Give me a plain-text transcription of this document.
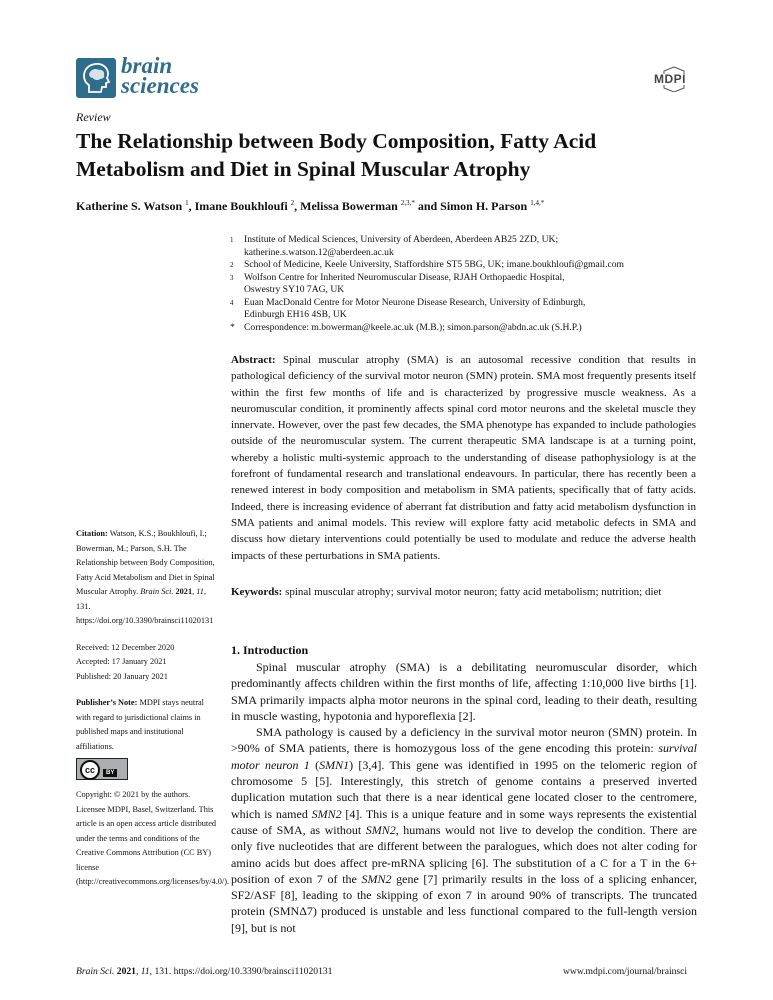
brain
sciences	MDPI
Review
The Relationship between Body Composition, Fatty Acid Metabolism and Diet in Spinal Muscular Atrophy
Katherine S. Watson $^1$, Imane Boukhloufi $^2$, Melissa Bowerman $^{2,3,*}$ and Simon H. Parson $^{1,4,*}$
1 Institute of Medical Sciences, University of Aberdeen, Aberdeen AB25 2ZD, UK;
katherine.s.watson.12@aberdeen.ac.uk
2 School of Medicine, Keele University, Staffordshire ST5 5BG, UK; imane.boukhloufi@gmail.com
3 Wolfson Centre for Inherited Neuromuscular Disease, RJAH Orthopaedic Hospital,
Oswestry SY10 7AG, UK
4 Euan MacDonald Centre for Motor Neurone Disease Research, University of Edinburgh,
Edinburgh EH16 4SB, UK
* Correspondence: m.bowerman@keele.ac.uk (M.B.); simon.parson@abdn.ac.uk (S.H.P.)
Abstract: Spinal muscular atrophy (SMA) is an autosomal recessive condition that results in pathological deficiency of the survival motor neuron (SMN) protein. SMA most frequently presents itself within the first few months of life and is characterized by progressive muscle weakness. As a neuromuscular condition, it prominently affects spinal cord motor neurons and the skeletal muscle they innervate. However, over the past few decades, the SMA phenotype has expanded to include pathologies outside of the neuromuscular system. The current therapeutic SMA landscape is at a turning point, whereby a holistic multi-systemic approach to the understanding of disease pathophysiology is at the forefront of fundamental research and translational endeavours. In particular, there has recently been a renewed interest in body composition and metabolism in SMA patients, specifically that of fatty acids. Indeed, there is increasing evidence of aberrant fat distribution and fatty acid metabolism dysfunction in SMA patients and animal models. This review will explore fatty acid metabolic defects in SMA and discuss how dietary interventions could potentially be used to modulate and reduce the adverse health impacts of these perturbations in SMA patients.
Keywords: spinal muscular atrophy; survival motor neuron; fatty acid metabolism; nutrition; diet

Citation: Watson, K.S.; Boukhloufi, I.; Bowerman, M.; Parson, S.H. The Relationship between Body Composition, Fatty Acid Metabolism and Diet in Spinal Muscular Atrophy. Brain Sci. 2021, 11, 131. https://doi.org/10.3390/brainsci11020131

Received: 12 December 2020

Accepted: 17 January 2021

Published: 20 January 2021

Publisher’s Note: MDPI stays neutral with regard to jurisdictional claims in published maps and institutional affiliations.

cc	BY

Copyright: © 2021 by the authors. Licensee MDPI, Basel, Switzerland. This article is an open access article distributed under the terms and conditions of the Creative Commons Attribution (CC BY) license (http://creativecommons.org/licenses/by/4.0/).

1. Introduction

Spinal muscular atrophy (SMA) is a debilitating neuromuscular disorder, which predominantly affects children within the first months of life, affecting 1:10,000 live births [1]. SMA primarily impacts alpha motor neurons in the spinal cord, leading to their death, resulting in muscle wasting, hypotonia and hyporeflexia [2].

SMA pathology is caused by a deficiency in the survival motor neuron (SMN) protein. In >90% of SMA patients, there is homozygous loss of the gene encoding this protein: survival motor neuron 1 (SMN1) [3,4]. This gene was identified in 1995 on the telomeric region of chromosome 5 [5]. Interestingly, this stretch of genome contains a preserved inverted duplication mutation such that there is a near identical gene located closer to the centromere, which is named SMN2 [4]. This is a unique feature and in some ways represents the existential cause of SMA, as without SMN2, humans would not live to develop the condition. There are only five nucleotides that are different between the paralogues, which does not alter coding for amino acids but does affect pre-mRNA splicing [6]. The substitution of a C for a T in the 6+ position of exon 7 of the SMN2 gene [7] primarily results in the loss of a splicing enhancer, SF2/ASF [8], leading to the skipping of exon 7 in around 90% of transcripts. The truncated protein (SMNΔ7) produced is unstable and less functional compared to the full-length version [9], but is not

Brain Sci. 2021, 11, 131. https://doi.org/10.3390/brainsci11020131	www.mdpi.com/journal/brainsci
